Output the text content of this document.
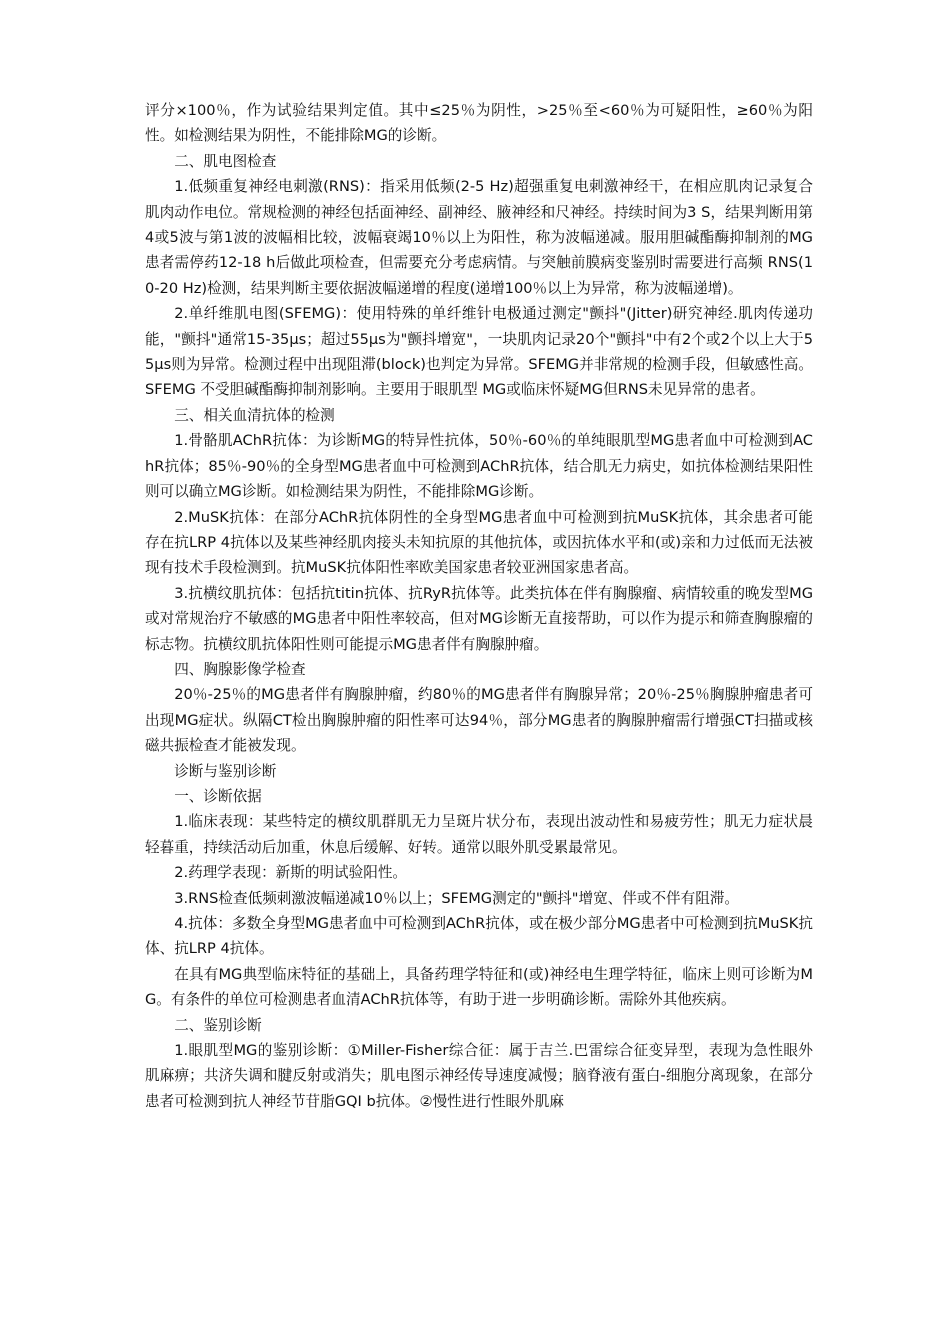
评分×100％，作为试验结果判定值。其中≤25％为阴性，>25％至<60％为可疑阳性，≥60％为阳性。如检测结果为阴性，不能排除MG的诊断。

二、肌电图检查

1.低频重复神经电刺激(RNS)：指采用低频(2-5 Hz)超强重复电刺激神经干，在相应肌肉记录复合肌肉动作电位。常规检测的神经包括面神经、副神经、腋神经和尺神经。持续时间为3 S，结果判断用第4或5波与第1波的波幅相比较，波幅衰竭10％以上为阳性，称为波幅递减。服用胆碱酯酶抑制剂的MG患者需停药12-18 h后做此项检查，但需要充分考虑病情。与突触前膜病变鉴别时需要进行高频 RNS(10-20 Hz)检测，结果判断主要依据波幅递增的程度(递增100％以上为异常，称为波幅递增)。

2.单纤维肌电图(SFEMG)：使用特殊的单纤维针电极通过测定"颤抖"(Jitter)研究神经.肌肉传递功能，"颤抖"通常15-35μs；超过55μs为"颤抖增宽"，一块肌肉记录20个"颤抖"中有2个或2个以上大于55μs则为异常。检测过程中出现阻滞(block)也判定为异常。SFEMG并非常规的检测手段，但敏感性高。SFEMG 不受胆碱酯酶抑制剂影响。主要用于眼肌型 MG或临床怀疑MG但RNS未见异常的患者。

三、相关血清抗体的检测

1.骨骼肌AChR抗体：为诊断MG的特异性抗体，50％-60％的单纯眼肌型MG患者血中可检测到AChR抗体；85％-90％的全身型MG患者血中可检测到AChR抗体，结合肌无力病史，如抗体检测结果阳性则可以确立MG诊断。如检测结果为阴性，不能排除MG诊断。

2.MuSK抗体：在部分AChR抗体阴性的全身型MG患者血中可检测到抗MuSK抗体，其余患者可能存在抗LRP 4抗体以及某些神经肌肉接头未知抗原的其他抗体，或因抗体水平和(或)亲和力过低而无法被现有技术手段检测到。抗MuSK抗体阳性率欧美国家患者较亚洲国家患者高。

3.抗横纹肌抗体：包括抗titin抗体、抗RyR抗体等。此类抗体在伴有胸腺瘤、病情较重的晚发型MG或对常规治疗不敏感的MG患者中阳性率较高，但对MG诊断无直接帮助，可以作为提示和筛查胸腺瘤的标志物。抗横纹肌抗体阳性则可能提示MG患者伴有胸腺肿瘤。

四、胸腺影像学检查

20％-25％的MG患者伴有胸腺肿瘤，约80％的MG患者伴有胸腺异常；20％-25％胸腺肿瘤患者可出现MG症状。纵隔CT检出胸腺肿瘤的阳性率可达94％，部分MG患者的胸腺肿瘤需行增强CT扫描或核磁共振检查才能被发现。

诊断与鉴别诊断

一、诊断依据

1.临床表现：某些特定的横纹肌群肌无力呈斑片状分布，表现出波动性和易疲劳性；肌无力症状晨轻暮重，持续活动后加重，休息后缓解、好转。通常以眼外肌受累最常见。

2.药理学表现：新斯的明试验阳性。

3.RNS检查低频刺激波幅递减10％以上；SFEMG测定的"颤抖"增宽、伴或不伴有阻滞。

4.抗体：多数全身型MG患者血中可检测到AChR抗体，或在极少部分MG患者中可检测到抗MuSK抗体、抗LRP 4抗体。

在具有MG典型临床特征的基础上，具备药理学特征和(或)神经电生理学特征，临床上则可诊断为MG。有条件的单位可检测患者血清AChR抗体等，有助于进一步明确诊断。需除外其他疾病。

二、鉴别诊断

1.眼肌型MG的鉴别诊断：①Miller-Fisher综合征：属于吉兰.巴雷综合征变异型，表现为急性眼外肌麻痹；共济失调和腱反射或消失；肌电图示神经传导速度减慢；脑脊液有蛋白-细胞分离现象，在部分患者可检测到抗人神经节苷脂GQI b抗体。②慢性进行性眼外肌麻
